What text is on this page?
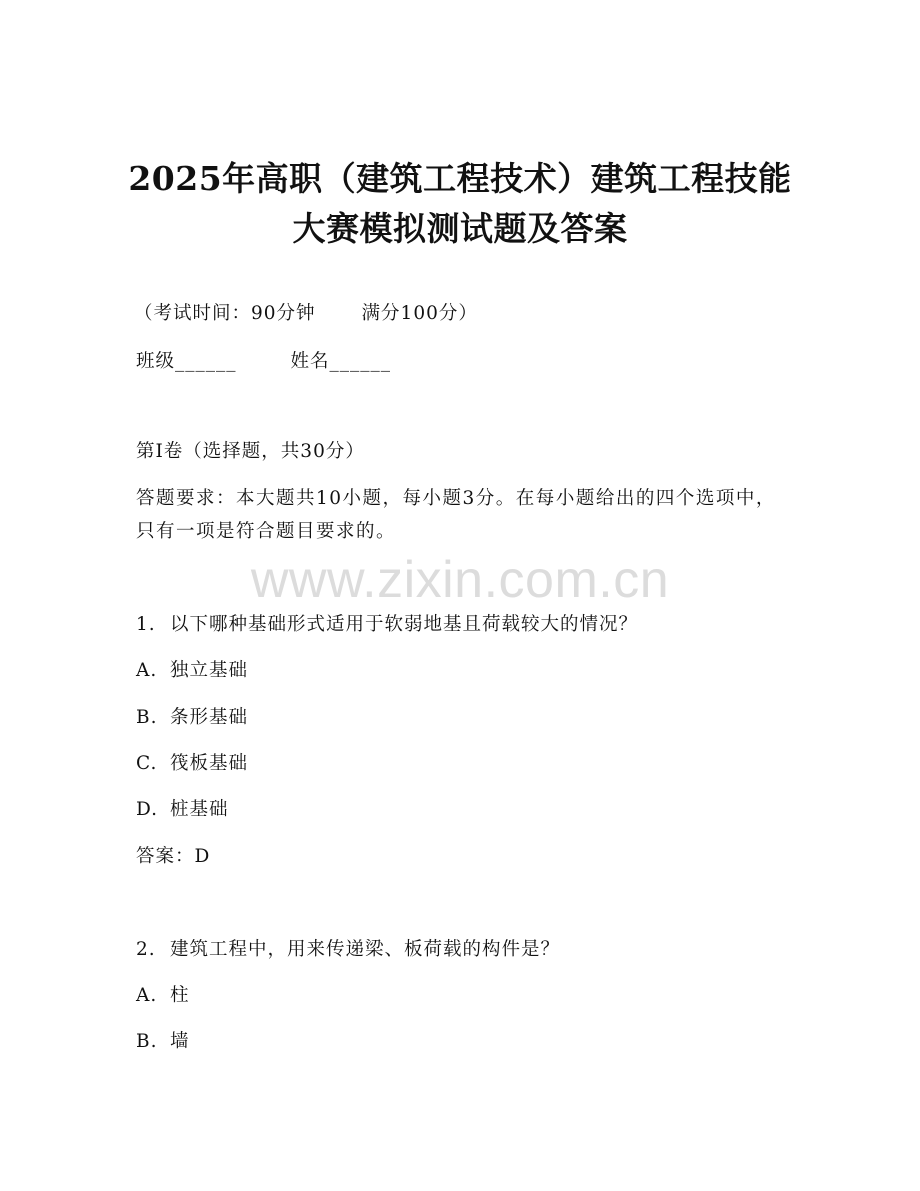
2025年高职（建筑工程技术）建筑工程技能
大赛模拟测试题及答案
（考试时间：90分钟 满分100分）
班级______	姓名______
第I卷（选择题，共30分）
答题要求：本大题共10小题，每小题3分。在每小题给出的四个选项中，只有一项是符合题目要求的。
www.zixin.com.cn
1. 以下哪种基础形式适用于软弱地基且荷载较大的情况？
A. 独立基础
B. 条形基础
C. 筏板基础
D. 桩基础
答案：D
2. 建筑工程中，用来传递梁、板荷载的构件是？
A. 柱
B. 墙
